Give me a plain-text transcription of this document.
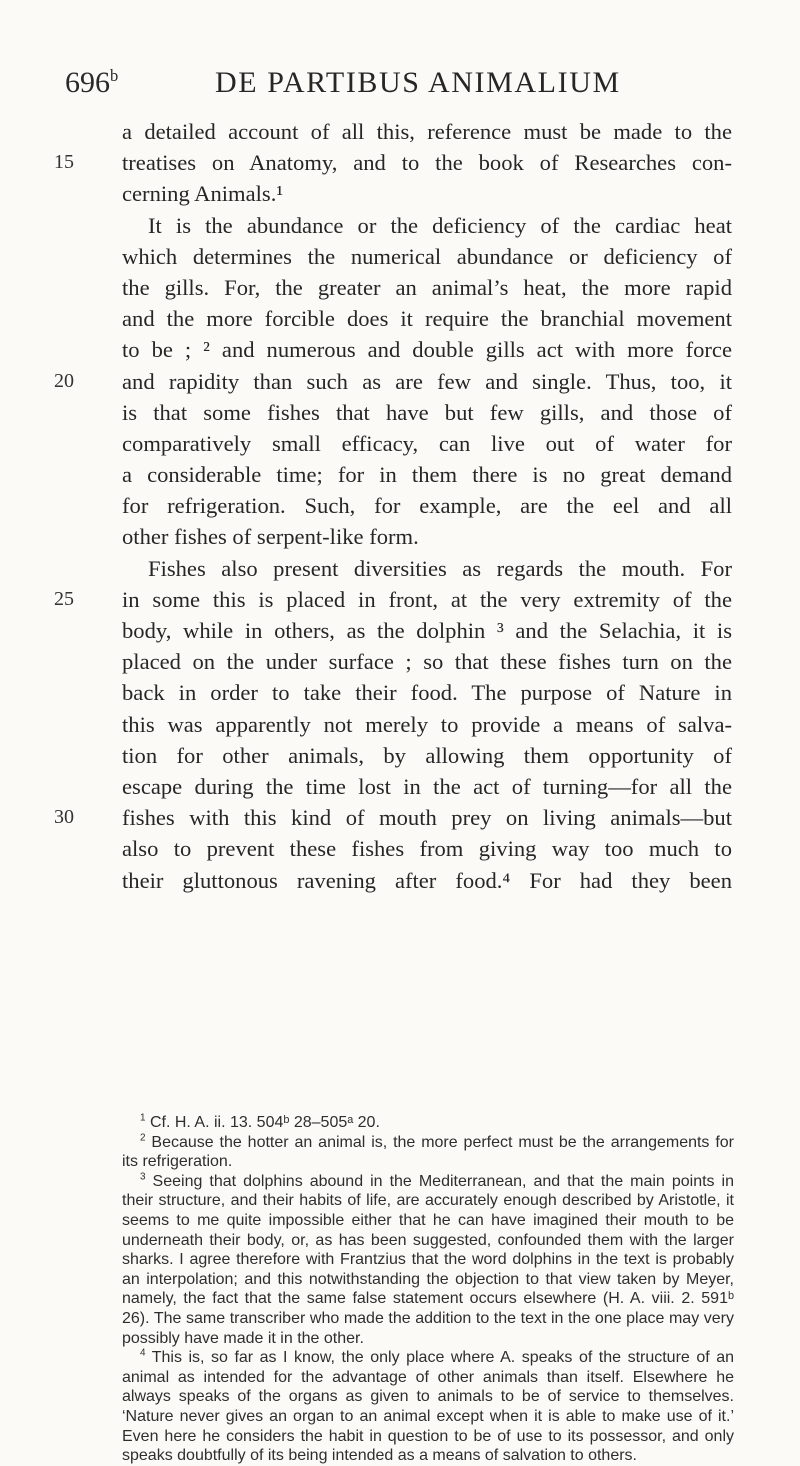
696$^b$	DE PARTIBUS ANIMALIUM
a detailed account of all this, reference must be made to the
15 treatises on Anatomy, and to the book of Researches con-
cerning Animals.¹
It is the abundance or the deficiency of the cardiac heat
which determines the numerical abundance or deficiency of
the gills. For, the greater an animal’s heat, the more rapid
and the more forcible does it require the branchial movement
to be ; ² and numerous and double gills act with more force
20 and rapidity than such as are few and single. Thus, too, it
is that some fishes that have but few gills, and those of
comparatively small efficacy, can live out of water for
a considerable time; for in them there is no great demand
for refrigeration. Such, for example, are the eel and all
other fishes of serpent-like form.
Fishes also present diversities as regards the mouth. For
25 in some this is placed in front, at the very extremity of the
body, while in others, as the dolphin ³ and the Selachia, it is
placed on the under surface ; so that these fishes turn on the
back in order to take their food. The purpose of Nature in
this was apparently not merely to provide a means of salva-
tion for other animals, by allowing them opportunity of
escape during the time lost in the act of turning—for all the
30 fishes with this kind of mouth prey on living animals—but
also to prevent these fishes from giving way too much to
their gluttonous ravening after food.⁴ For had they been

$^1$ Cf. H. A. ii. 13. 504ᵇ 28–505ᵃ 20.

$^2$ Because the hotter an animal is, the more perfect must be the arrangements for its refrigeration.

$^3$ Seeing that dolphins abound in the Mediterranean, and that the main points in their structure, and their habits of life, are accurately enough described by Aristotle, it seems to me quite impossible either that he can have imagined their mouth to be underneath their body, or, as has been suggested, confounded them with the larger sharks. I agree therefore with Frantzius that the word dolphins in the text is probably an interpolation; and this notwithstanding the objection to that view taken by Meyer, namely, the fact that the same false statement occurs elsewhere (H. A. viii. 2. 591ᵇ 26). The same transcriber who made the addition to the text in the one place may very possibly have made it in the other.

$^4$ This is, so far as I know, the only place where A. speaks of the structure of an animal as intended for the advantage of other animals than itself. Elsewhere he always speaks of the organs as given to animals to be of service to themselves. ‘Nature never gives an organ to an animal except when it is able to make use of it.’ Even here he considers the habit in question to be of use to its possessor, and only speaks doubtfully of its being intended as a means of salvation to others.
